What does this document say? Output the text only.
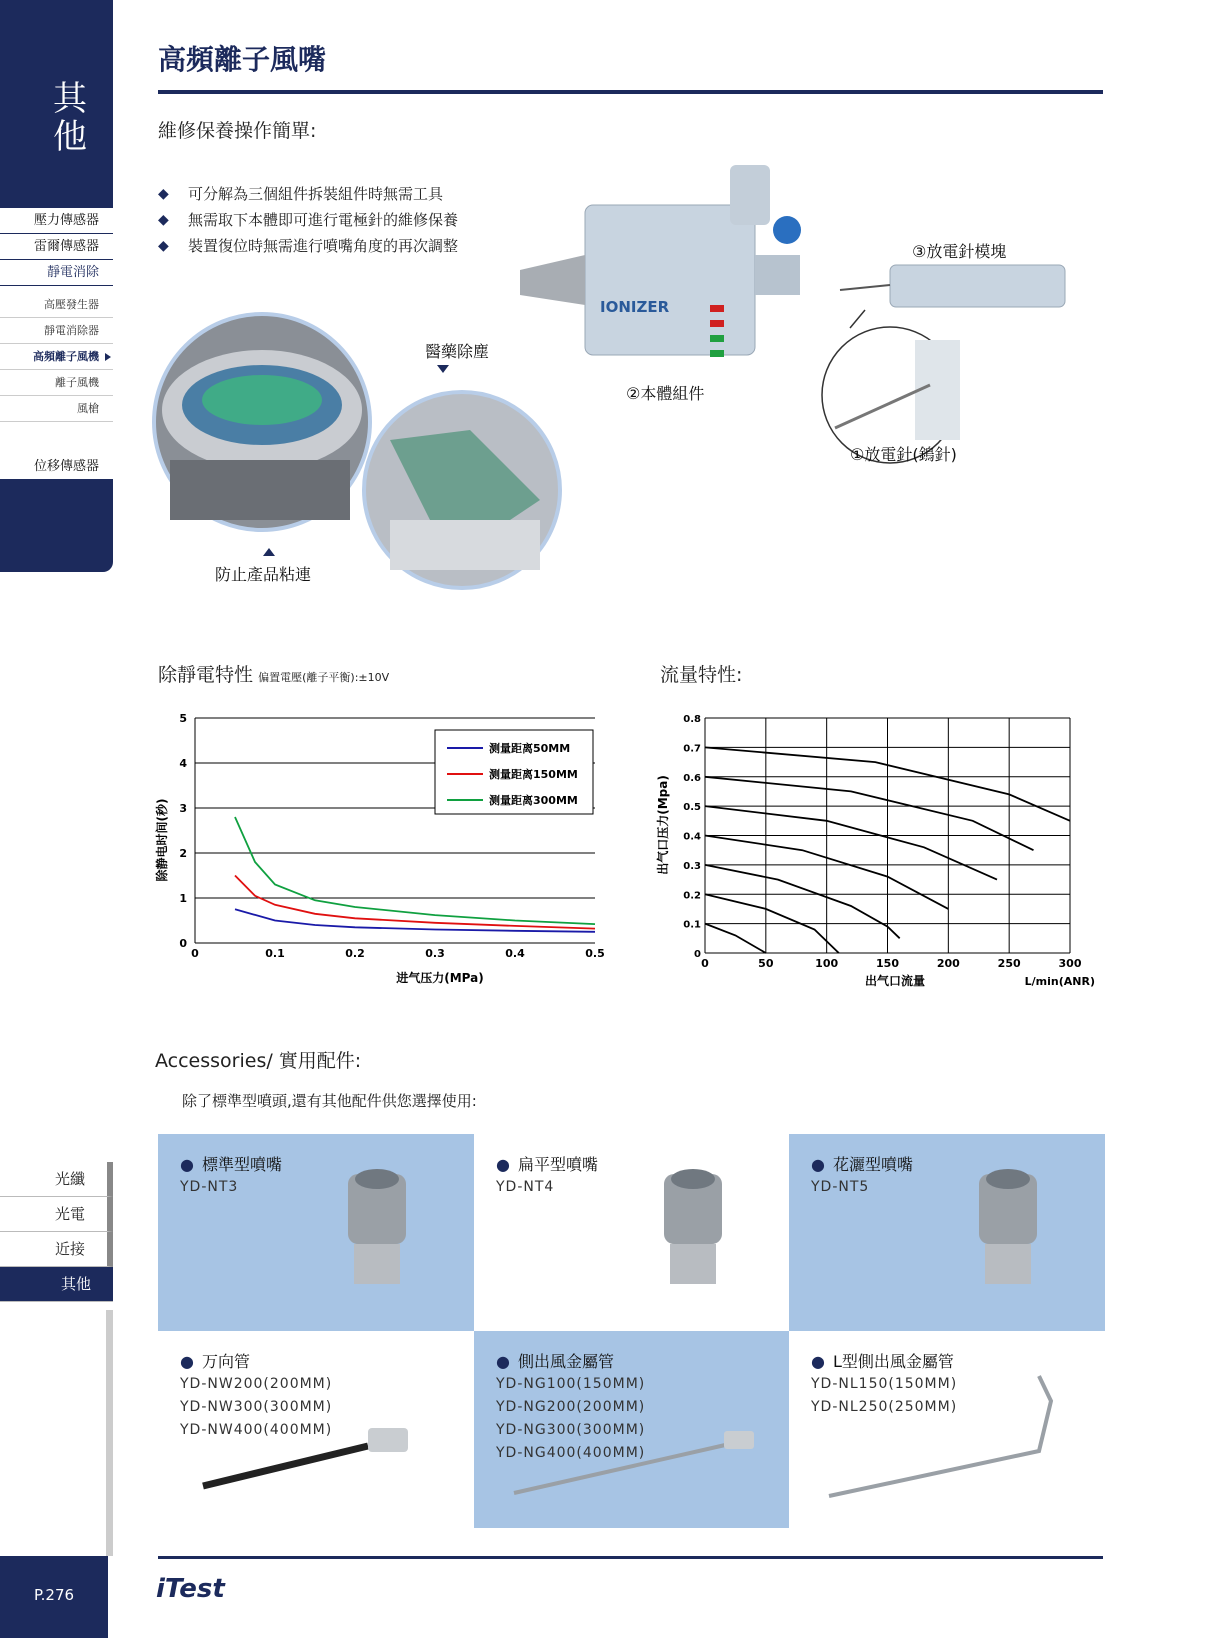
其
他
壓力傳感器
雷爾傳感器
靜電消除
高壓發生器
靜電消除器
高頻離子風機
離子風機
風槍
位移傳感器
光纖
光電
近接
其他
P.276
高頻離子風嘴
維修保養操作簡單:
◆ 可分解為三個組件拆裝組件時無需工具
◆ 無需取下本體即可進行電極針的維修保養
◆ 裝置復位時無需進行噴嘴角度的再次調整
醫藥除塵
防止產品粘連
IONIZER
②本體組件
③放電針模塊
①放電針(鎢針)
除靜電特性 偏置電壓(離子平衡):±10V	流量特性:
0
1
2
3
4
5
0	0.1	0.2	0.3	0.4	0.5
进气压力(MPa)
除静电时间(秒)
测量距离50MM
测量距离150MM
测量距离300MM
0
0.1
0.2
0.3
0.4
0.5
0.6
0.7
0.8
0	50	100	150	200	250	300
出气口流量	L/min(ANR)
出气口压力(Mpa)
Accessories/ 實用配件:
除了標準型噴頭,還有其他配件供您選擇使用:
● 標準型噴嘴
YD-NT3
● 扁平型噴嘴
YD-NT4
● 花灑型噴嘴
YD-NT5
● 万向管
YD-NW200(200MM)
YD-NW300(300MM)
YD-NW400(400MM)
● 側出風金屬管
YD-NG100(150MM)
YD-NG200(200MM)
YD-NG300(300MM)
YD-NG400(400MM)
● L型側出風金屬管
YD-NL150(150MM)
YD-NL250(250MM)
iTest
